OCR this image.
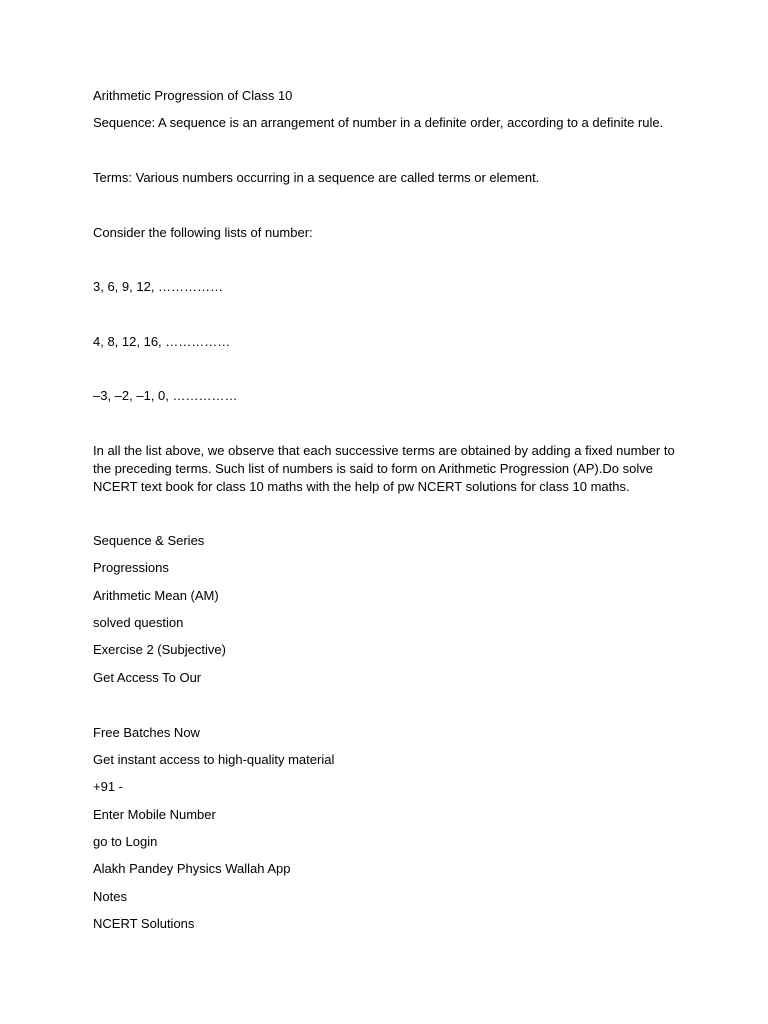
Arithmetic Progression of Class 10
Sequence: A sequence is an arrangement of number in a definite order, according to a definite rule.
Terms: Various numbers occurring in a sequence are called terms or element.
Consider the following lists of number:
3, 6, 9, 12, ……………
4, 8, 12, 16, ……………
–3, –2, –1, 0, ……………
In all the list above, we observe that each successive terms are obtained by adding a fixed number to
the preceding terms. Such list of numbers is said to form on Arithmetic Progression (AP).Do solve
NCERT text book for class 10 maths with the help of pw NCERT solutions for class 10 maths.
Sequence & Series
Progressions
Arithmetic Mean (AM)
solved question
Exercise 2 (Subjective)
Get Access To Our
Free Batches Now
Get instant access to high-quality material
+91 -
Enter Mobile Number
go to Login
Alakh Pandey Physics Wallah App
Notes
NCERT Solutions
